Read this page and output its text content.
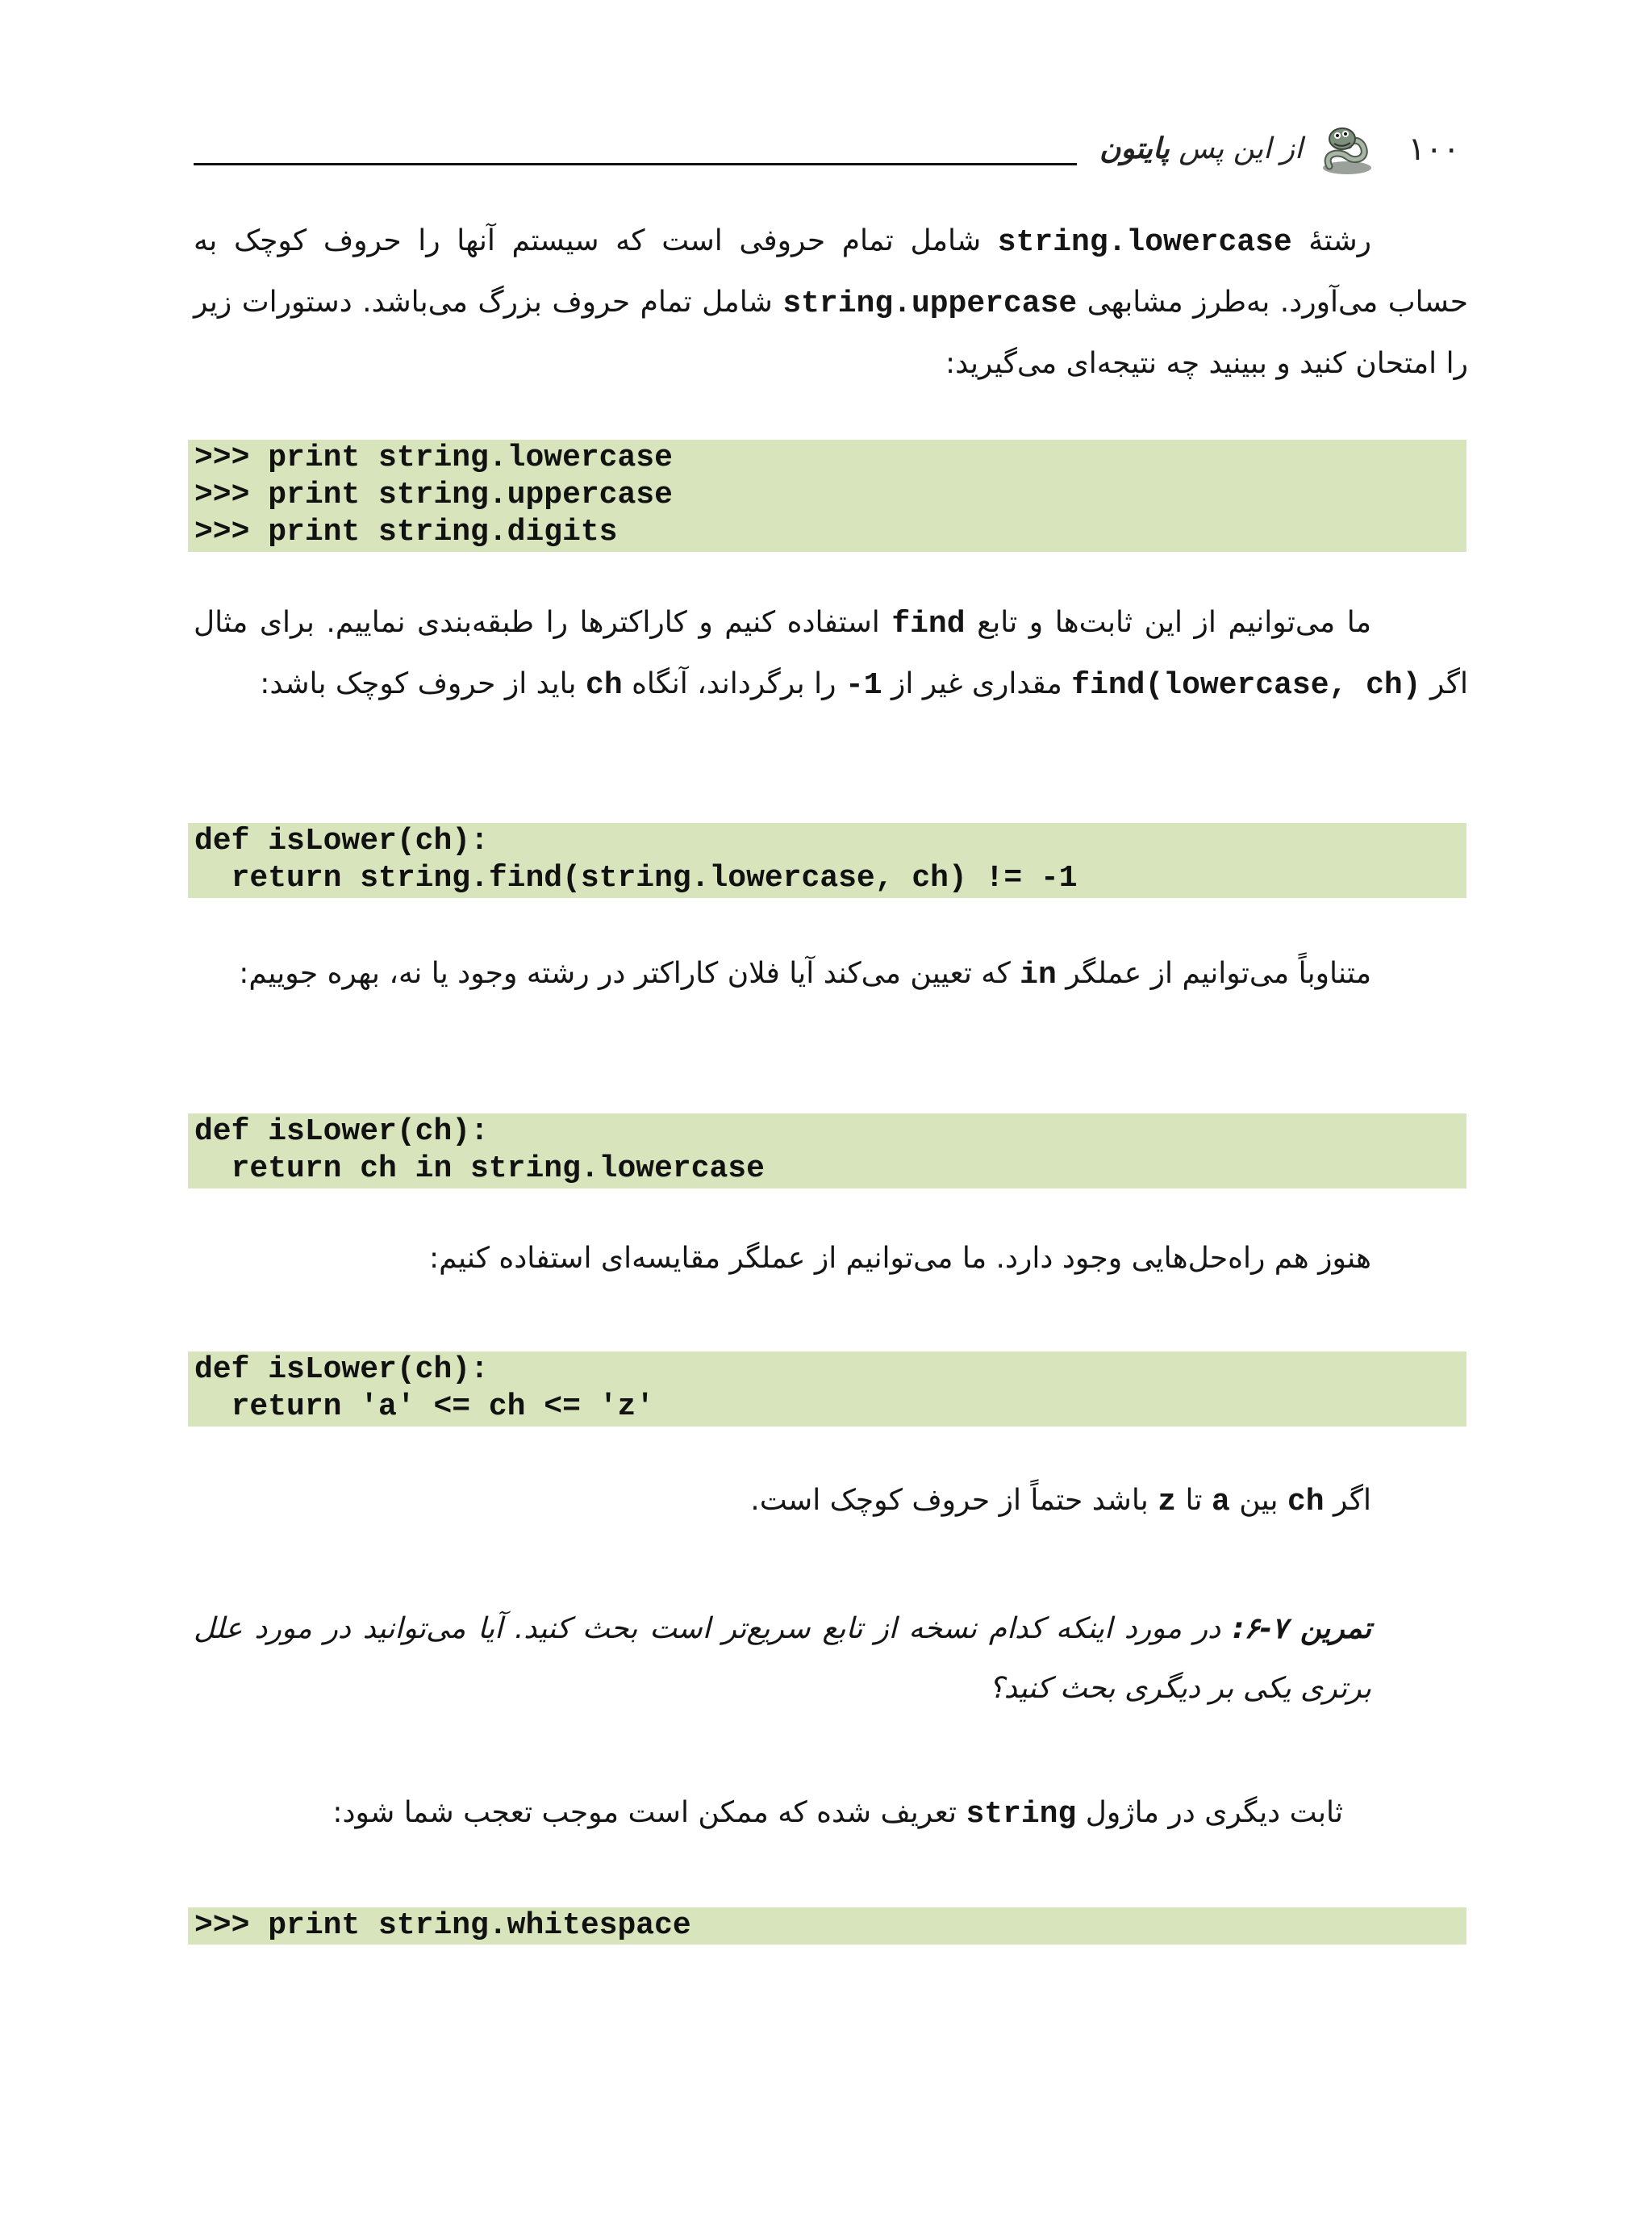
۱۰۰
از این پس پایتون

رشتهٔ string.lowercase شامل تمام حروفی است که سیستم آنها را حروف کوچک به حساب می‌آورد. به‌طرز مشابهی string.uppercase شامل تمام حروف بزرگ می‌باشد. دستورات زیر را امتحان کنید و ببینید چه نتیجه‌ای می‌گیرید:

>>> print string.lowercase
>>> print string.uppercase
>>> print string.digits

ما می‌توانیم از این ثابت‌ها و تابع find استفاده کنیم و کاراکترها را طبقه‌بندی نماییم. برای مثال اگر find(lowercase, ch) مقداری غیر از -1 را برگرداند، آنگاه ch باید از حروف کوچک باشد:

def isLower(ch):
return string.find(string.lowercase, ch) != -1

متناوباً می‌توانیم از عملگر in که تعیین می‌کند آیا فلان کاراکتر در رشته وجود یا نه، بهره جوییم:

def isLower(ch):
return ch in string.lowercase

هنوز هم راه‌حل‌هایی وجود دارد. ما می‌توانیم از عملگر مقایسه‌ای استفاده کنیم:

def isLower(ch):
return 'a' <= ch <= 'z'

اگر ch بین a تا z باشد حتماً از حروف کوچک است.

تمرین ۷-۶: در مورد اینکه کدام نسخه از تابع سریع‌تر است بحث کنید. آیا می‌توانید در مورد علل برتری یکی بر دیگری بحث کنید؟

ثابت دیگری در ماژول string تعریف شده که ممکن است موجب تعجب شما شود:

>>> print string.whitespace
